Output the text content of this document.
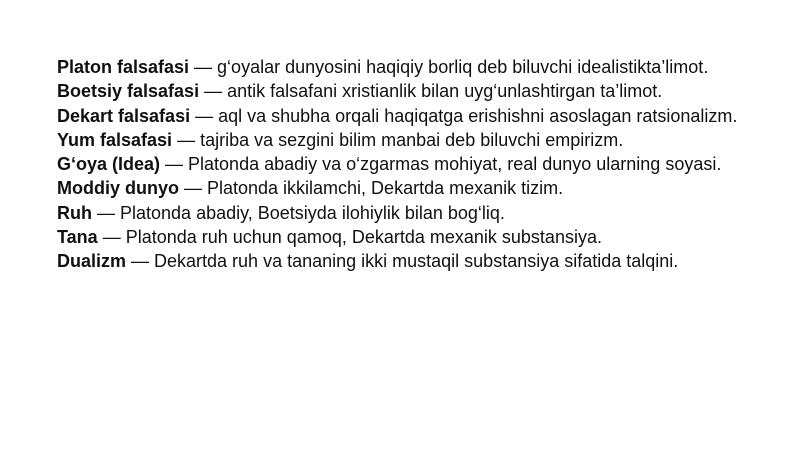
Platon falsafasi — g‘oyalar dunyosini haqiqiy borliq deb biluvchi idealistikta’limot.

Boetsiy falsafasi — antik falsafani xristianlik bilan uyg‘unlashtirgan ta’limot.

Dekart falsafasi — aql va shubha orqali haqiqatga erishishni asoslagan ratsionalizm.

Yum falsafasi — tajriba va sezgini bilim manbai deb biluvchi empirizm.

G‘oya (Idea) — Platonda abadiy va o‘zgarmas mohiyat, real dunyo ularning soyasi.

Moddiy dunyo — Platonda ikkilamchi, Dekartda mexanik tizim.

Ruh — Platonda abadiy, Boetsiyda ilohiylik bilan bog‘liq.

Tana — Platonda ruh uchun qamoq, Dekartda mexanik substansiya.

Dualizm — Dekartda ruh va tananing ikki mustaqil substansiya sifatida talqini.
